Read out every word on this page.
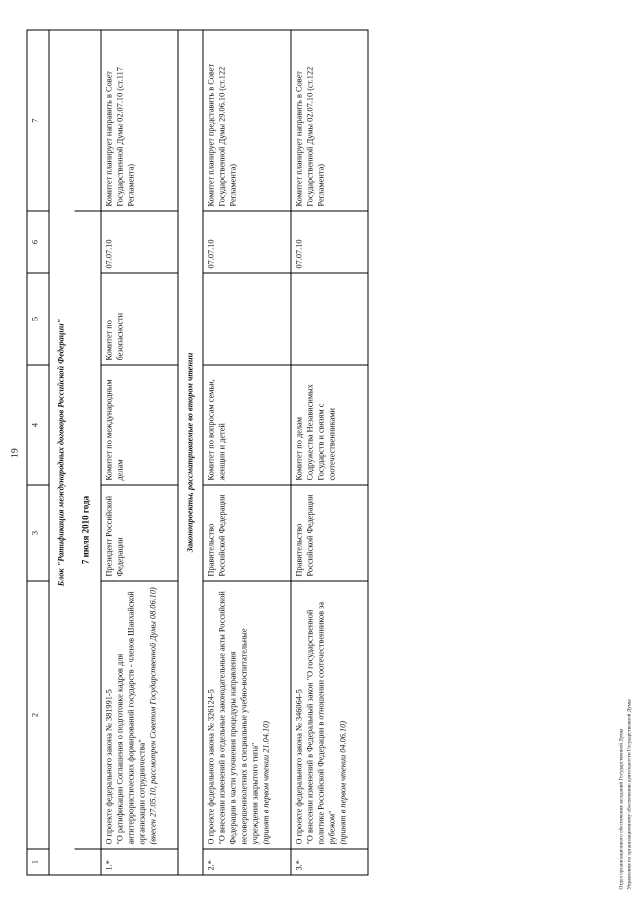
19
1	2	3	4	5	6	7
Блок "Ратификация международных договоров Российской Федерации"						
	7 июля 2010 года					
1.*	О проекте федерального закона № 381991-5 "О ратификации Соглашения о подготовке кадров для антитеррористических формирований государств - членов Шанхайской организации сотрудничества" (внесен 27.05.10, рассмотрен Советом Государственной Думы 08.06.10)	Президент Российской Федерации	Комитет по международным делам	Комитет по безопасности	07.07.10	Комитет планирует направить в Совет Государственной Думы 02.07.10 (ст.117 Регламента)
Законопроекты, рассматриваемые во втором чтении						
2.*	О проекте федерального закона № 326124-5 "О внесении изменений в отдельные законодательные акты Российской Федерации в части уточнения процедуры направления несовершеннолетних в специальные учебно-воспитательные учреждения закрытого типа" (принят в первом чтении 21.04.10)	Правительство Российской Федерации	Комитет по вопросам семьи, женщин и детей		07.07.10	Комитет планирует представить в Совет Государственной Думы 29.06.10 (ст.122 Регламента)
3.*	О проекте федерального закона № 346064-5 "О внесении изменений в Федеральный закон "О государственной политике Российской Федерации в отношении соотечественников за рубежом" (принят в первом чтении 04.06.10)	Правительство Российской Федерации	Комитет по делам Содружества Независимых Государств и связям с соотечественниками		07.07.10	Комитет планирует направить в Совет Государственной Думы 02.07.10 (ст.122 Регламента)
Отдел организационного обеспечения заседаний Государственной Думы Управления по организационному обеспечению деятельности Государственной Думы
